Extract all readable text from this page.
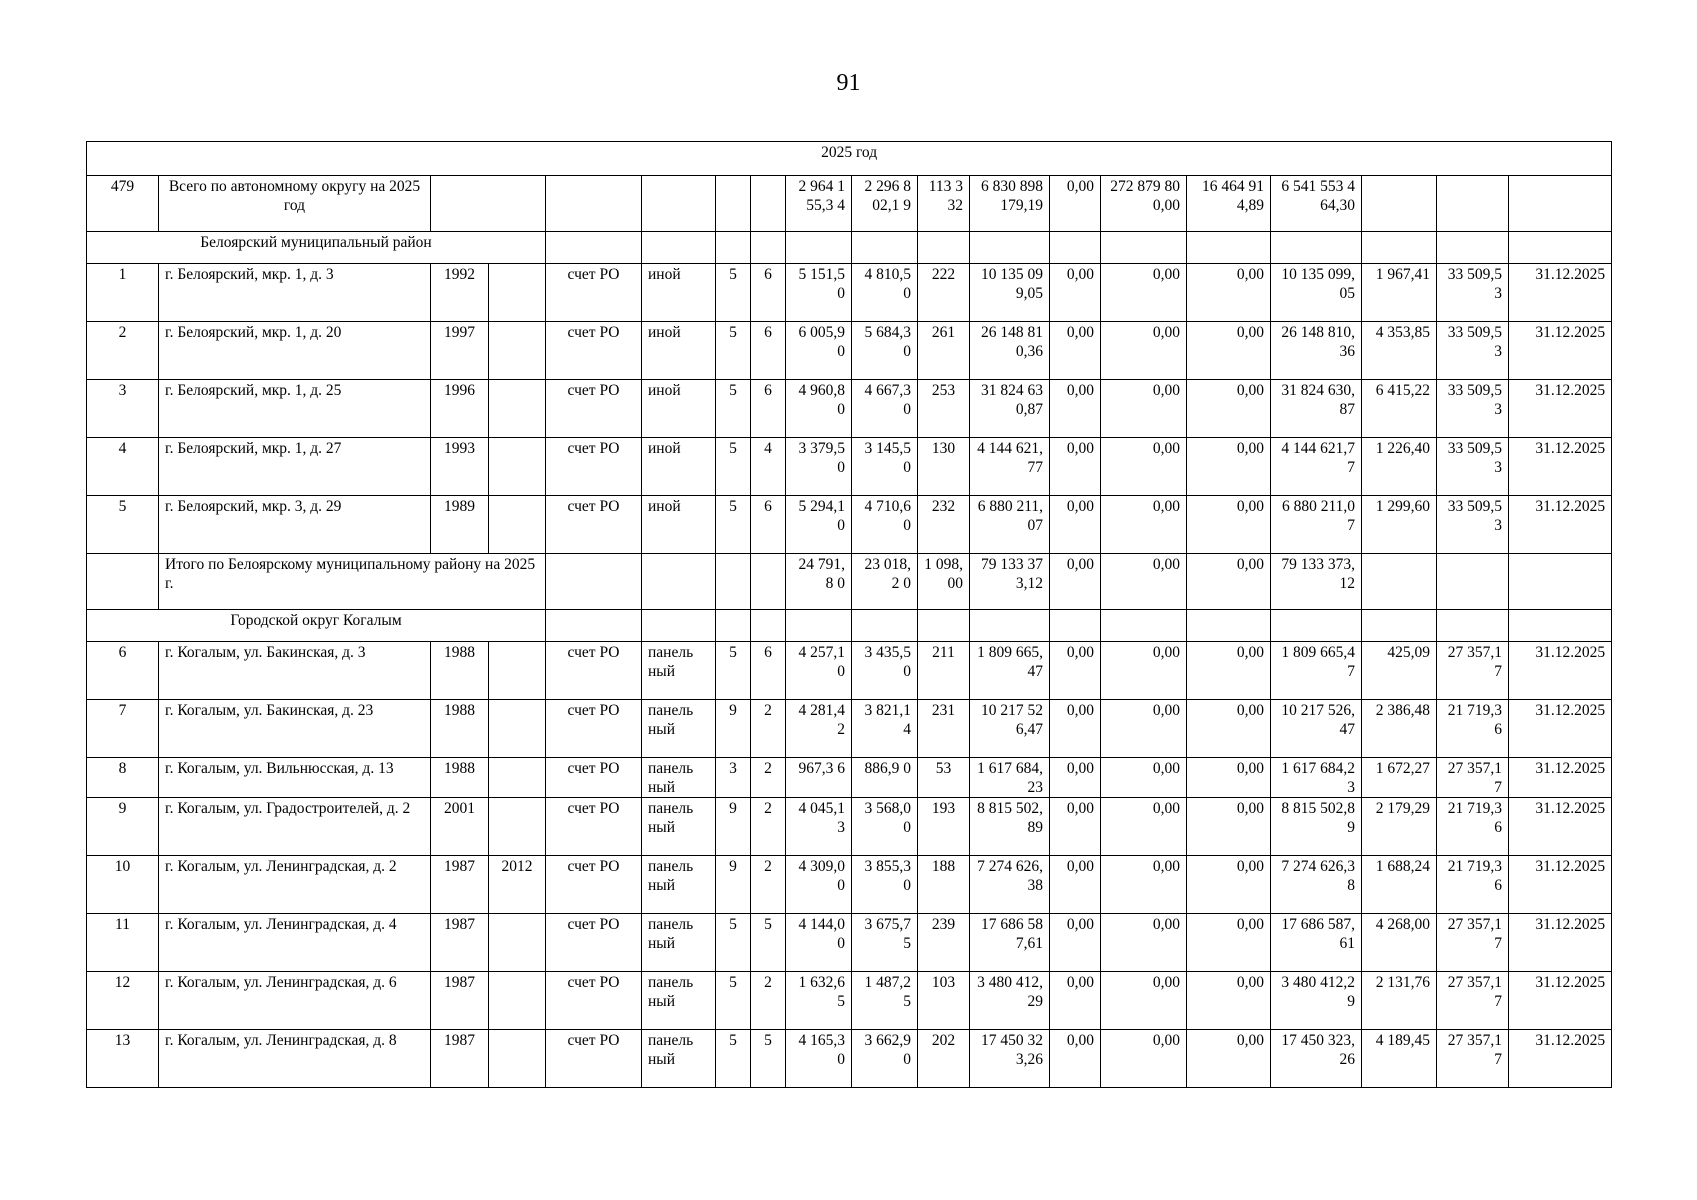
91
2025 год																		
479	Всего по автономному округу на 2025 год							2 964 155,3 4	2 296 802,1 9	113 332	6 830 898 179,19	0,00	272 879 800,00	16 464 914,89	6 541 553 464,30			
Белоярский муниципальный район																		
1	г. Белоярский, мкр. 1, д. 3	1992		счет РО	иной	5	6	5 151,5 0	4 810,5 0	222	10 135 099,05	0,00	0,00	0,00	10 135 099,05	1 967,41	33 509,53	31.12.2025
2	г. Белоярский, мкр. 1, д. 20	1997		счет РО	иной	5	6	6 005,9 0	5 684,3 0	261	26 148 810,36	0,00	0,00	0,00	26 148 810,36	4 353,85	33 509,53	31.12.2025
3	г. Белоярский, мкр. 1, д. 25	1996		счет РО	иной	5	6	4 960,8 0	4 667,3 0	253	31 824 630,87	0,00	0,00	0,00	31 824 630,87	6 415,22	33 509,53	31.12.2025
4	г. Белоярский, мкр. 1, д. 27	1993		счет РО	иной	5	4	3 379,5 0	3 145,5 0	130	4 144 621,77	0,00	0,00	0,00	4 144 621,77	1 226,40	33 509,53	31.12.2025
5	г. Белоярский, мкр. 3, д. 29	1989		счет РО	иной	5	6	5 294,1 0	4 710,6 0	232	6 880 211,07	0,00	0,00	0,00	6 880 211,07	1 299,60	33 509,53	31.12.2025
	Итого по Белоярскому муниципальному району на 2025 г.							24 791,8 0	23 018,2 0	1 098, 00	79 133 373,12	0,00	0,00	0,00	79 133 373,12			
Городской округ Когалым																		
6	г. Когалым, ул. Бакинская, д. 3	1988		счет РО	панель ный	5	6	4 257,1 0	3 435,5 0	211	1 809 665,47	0,00	0,00	0,00	1 809 665,47	425,09	27 357,17	31.12.2025
7	г. Когалым, ул. Бакинская, д. 23	1988		счет РО	панель ный	9	2	4 281,4 2	3 821,1 4	231	10 217 526,47	0,00	0,00	0,00	10 217 526,47	2 386,48	21 719,36	31.12.2025
8	г. Когалым, ул. Вильнюсская, д. 13	1988		счет РО	панель ный	3	2	967,3 6	886,9 0	53	1 617 684,23	0,00	0,00	0,00	1 617 684,23	1 672,27	27 357,17	31.12.2025
9	г. Когалым, ул. Градостроителей, д. 2	2001		счет РО	панель ный	9	2	4 045,1 3	3 568,0 0	193	8 815 502,89	0,00	0,00	0,00	8 815 502,89	2 179,29	21 719,36	31.12.2025
10	г. Когалым, ул. Ленинградская, д. 2	1987	2012	счет РО	панель ный	9	2	4 309,0 0	3 855,3 0	188	7 274 626,38	0,00	0,00	0,00	7 274 626,38	1 688,24	21 719,36	31.12.2025
11	г. Когалым, ул. Ленинградская, д. 4	1987		счет РО	панель ный	5	5	4 144,0 0	3 675,7 5	239	17 686 587,61	0,00	0,00	0,00	17 686 587,61	4 268,00	27 357,17	31.12.2025
12	г. Когалым, ул. Ленинградская, д. 6	1987		счет РО	панель ный	5	2	1 632,6 5	1 487,2 5	103	3 480 412,29	0,00	0,00	0,00	3 480 412,29	2 131,76	27 357,17	31.12.2025
13	г. Когалым, ул. Ленинградская, д. 8	1987		счет РО	панель ный	5	5	4 165,3 0	3 662,9 0	202	17 450 323,26	0,00	0,00	0,00	17 450 323,26	4 189,45	27 357,17	31.12.2025
